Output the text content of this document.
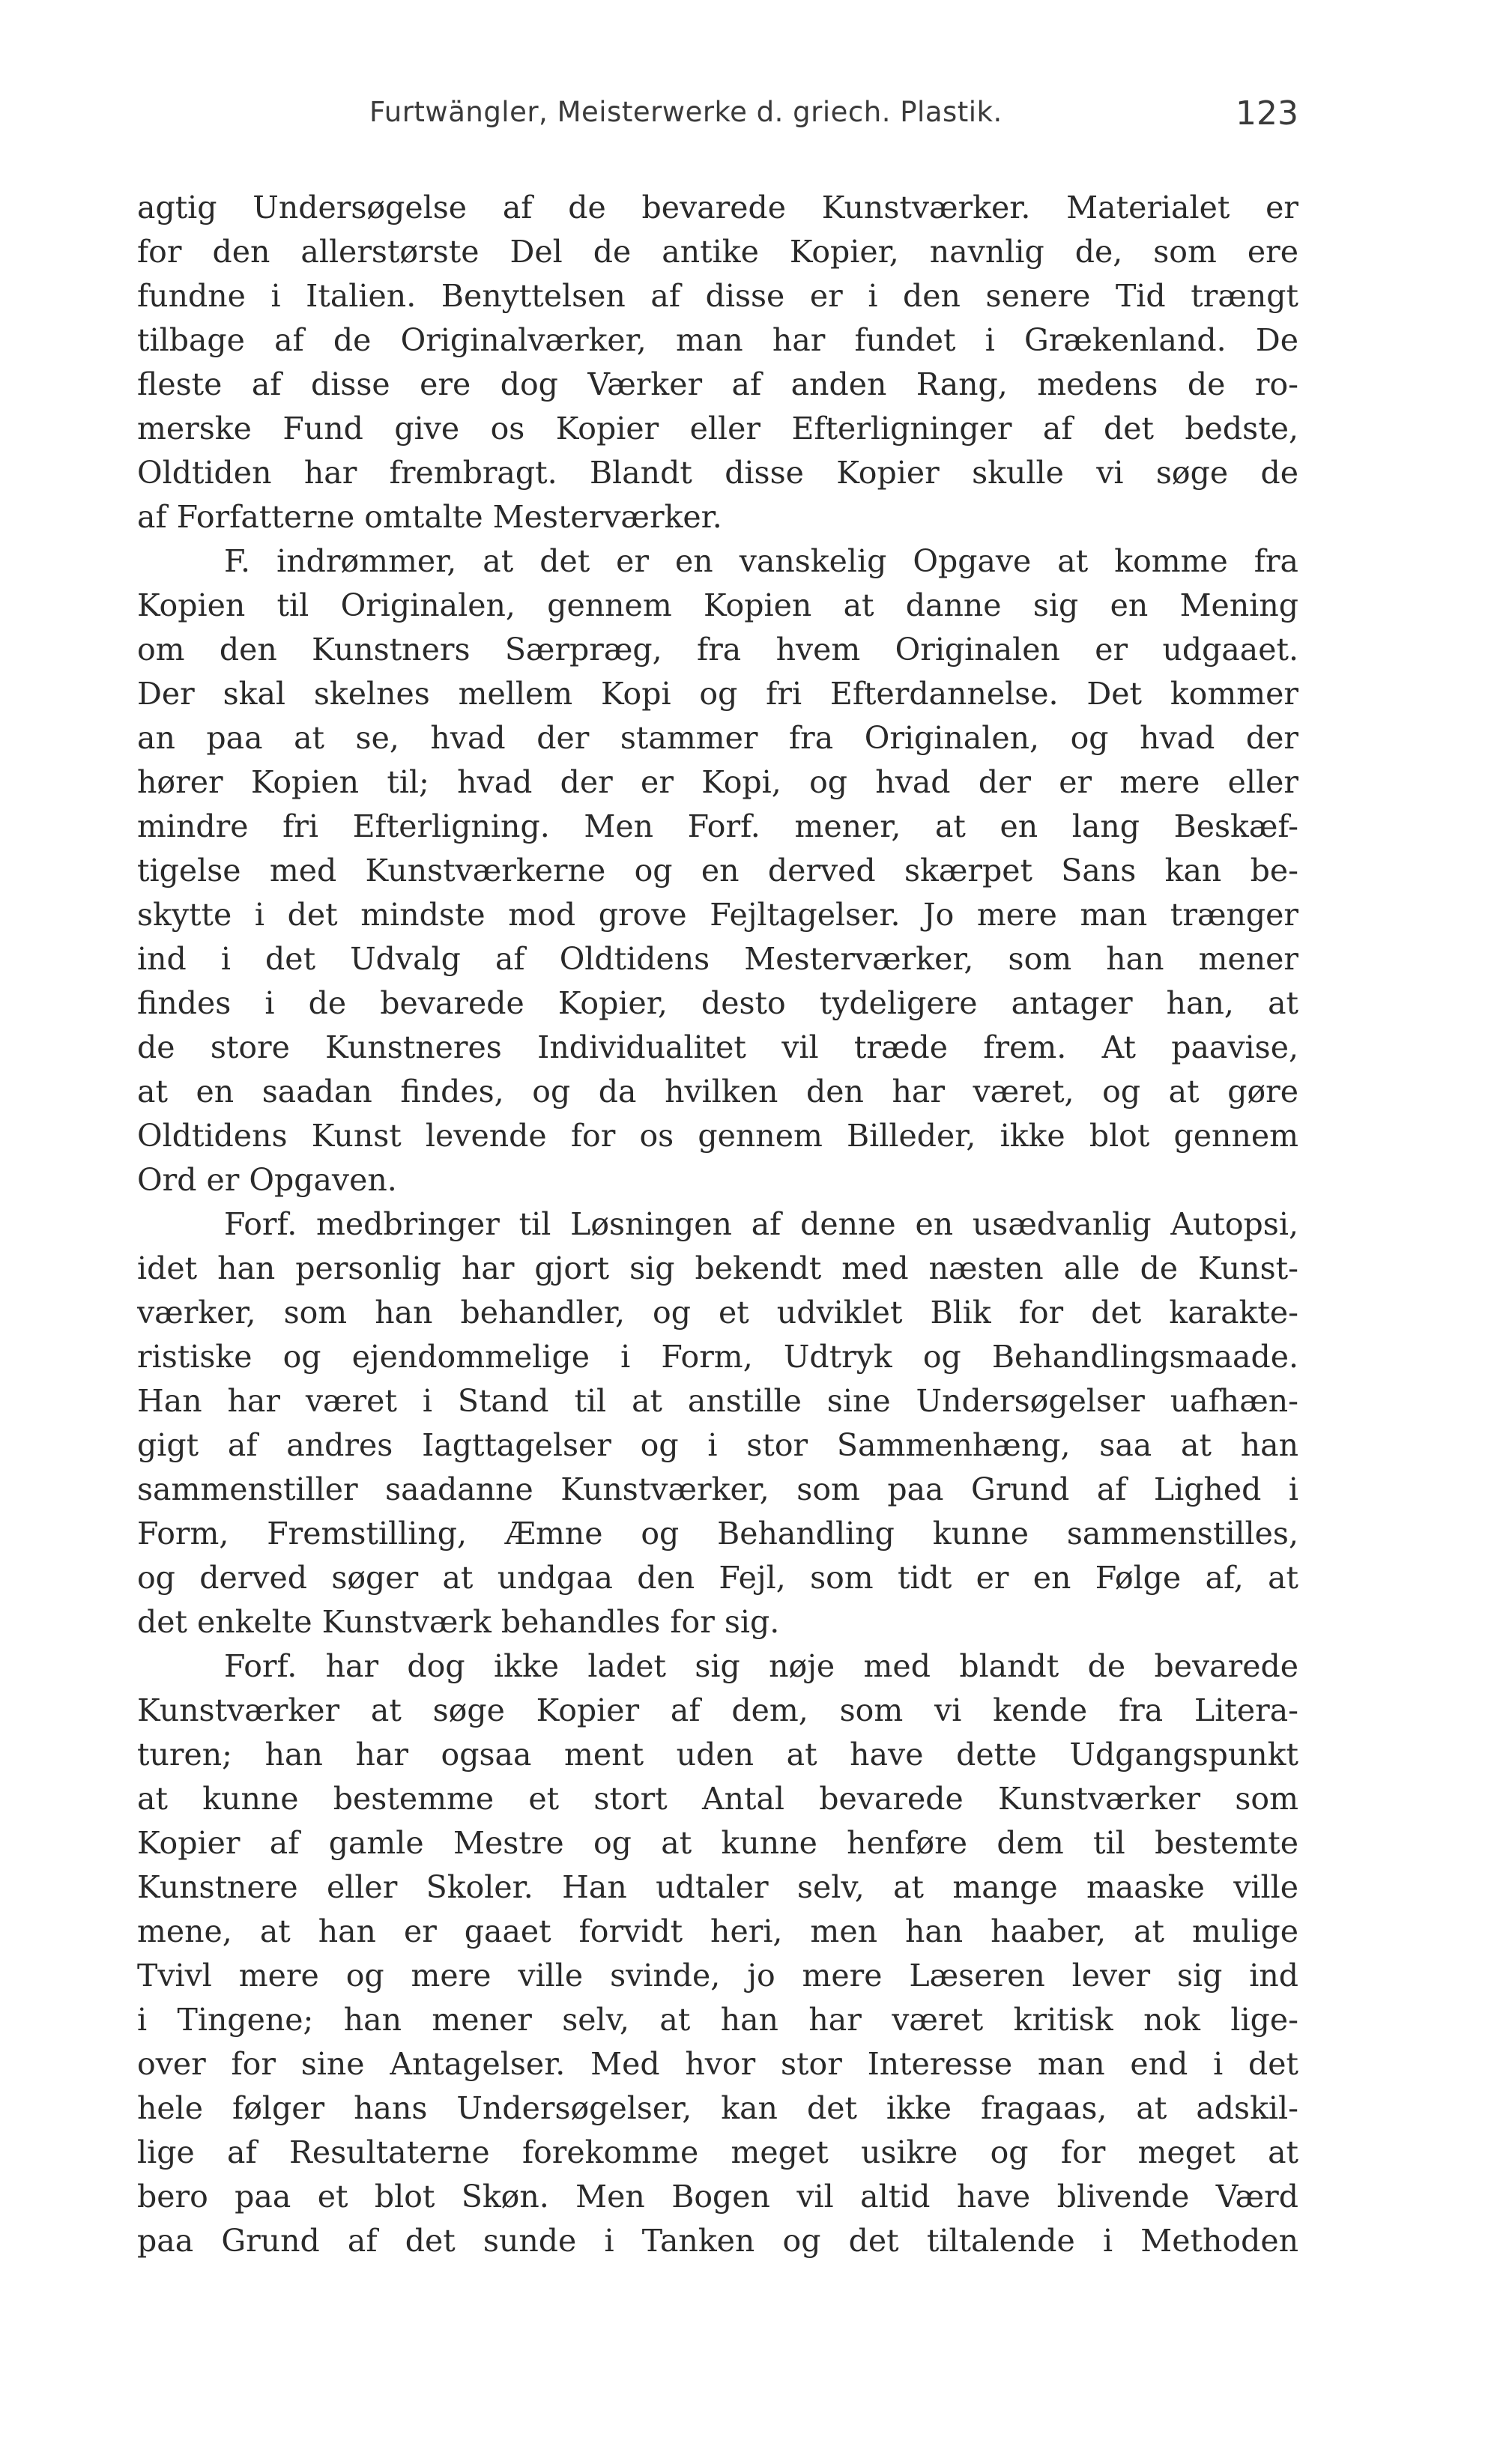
Furtwängler, Meisterwerke d. griech. Plastik.	123
agtig Undersøgelse af de bevarede Kunstværker. Materialet er
for den allerstørste Del de antike Kopier, navnlig de, som ere
fundne i Italien. Benyttelsen af disse er i den senere Tid trængt
tilbage af de Originalværker, man har fundet i Grækenland. De
fleste af disse ere dog Værker af anden Rang, medens de ro-
merske Fund give os Kopier eller Efterligninger af det bedste,
Oldtiden har frembragt. Blandt disse Kopier skulle vi søge de
af Forfatterne omtalte Mesterværker.
F. indrømmer, at det er en vanskelig Opgave at komme fra
Kopien til Originalen, gennem Kopien at danne sig en Mening
om den Kunstners Særpræg, fra hvem Originalen er udgaaet.
Der skal skelnes mellem Kopi og fri Efterdannelse. Det kommer
an paa at se, hvad der stammer fra Originalen, og hvad der
hører Kopien til; hvad der er Kopi, og hvad der er mere eller
mindre fri Efterligning. Men Forf. mener, at en lang Beskæf-
tigelse med Kunstværkerne og en derved skærpet Sans kan be-
skytte i det mindste mod grove Fejltagelser. Jo mere man trænger
ind i det Udvalg af Oldtidens Mesterværker, som han mener
findes i de bevarede Kopier, desto tydeligere antager han, at
de store Kunstneres Individualitet vil træde frem. At paavise,
at en saadan findes, og da hvilken den har været, og at gøre
Oldtidens Kunst levende for os gennem Billeder, ikke blot gennem
Ord er Opgaven.
Forf. medbringer til Løsningen af denne en usædvanlig Autopsi,
idet han personlig har gjort sig bekendt med næsten alle de Kunst-
værker, som han behandler, og et udviklet Blik for det karakte-
ristiske og ejendommelige i Form, Udtryk og Behandlingsmaade.
Han har været i Stand til at anstille sine Undersøgelser uafhæn-
gigt af andres Iagttagelser og i stor Sammenhæng, saa at han
sammenstiller saadanne Kunstværker, som paa Grund af Lighed i
Form, Fremstilling, Æmne og Behandling kunne sammenstilles,
og derved søger at undgaa den Fejl, som tidt er en Følge af, at
det enkelte Kunstværk behandles for sig.
Forf. har dog ikke ladet sig nøje med blandt de bevarede
Kunstværker at søge Kopier af dem, som vi kende fra Litera-
turen; han har ogsaa ment uden at have dette Udgangspunkt
at kunne bestemme et stort Antal bevarede Kunstværker som
Kopier af gamle Mestre og at kunne henføre dem til bestemte
Kunstnere eller Skoler. Han udtaler selv, at mange maaske ville
mene, at han er gaaet forvidt heri, men han haaber, at mulige
Tvivl mere og mere ville svinde, jo mere Læseren lever sig ind
i Tingene; han mener selv, at han har været kritisk nok lige-
over for sine Antagelser. Med hvor stor Interesse man end i det
hele følger hans Undersøgelser, kan det ikke fragaas, at adskil-
lige af Resultaterne forekomme meget usikre og for meget at
bero paa et blot Skøn. Men Bogen vil altid have blivende Værd
paa Grund af det sunde i Tanken og det tiltalende i Methoden
